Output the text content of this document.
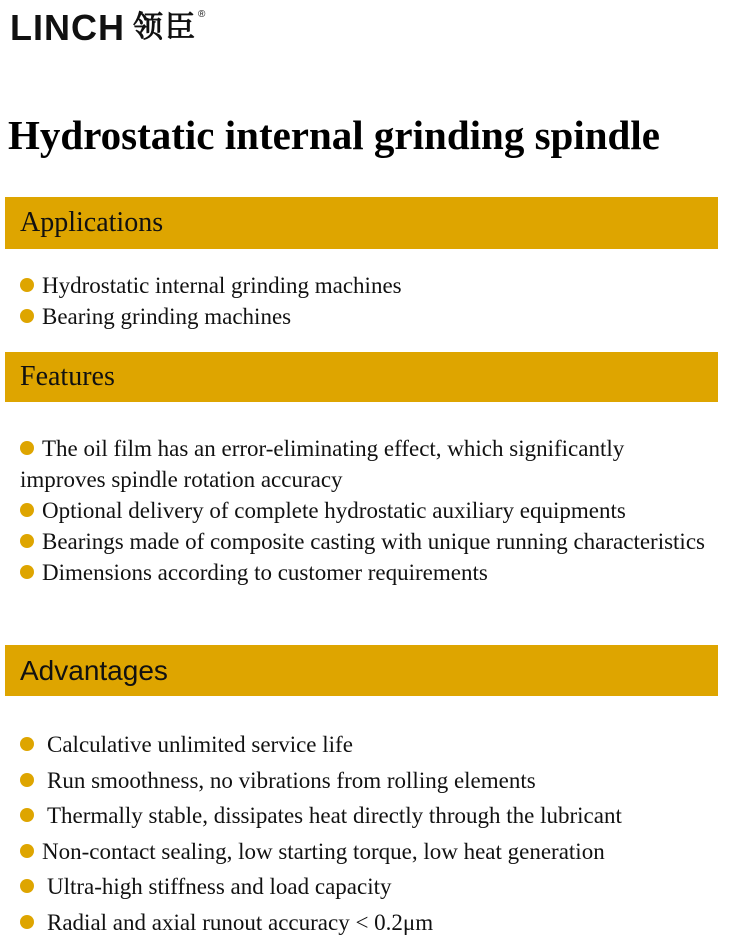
LINCH 领臣 ®
Hydrostatic internal grinding spindle
Applications
Hydrostatic internal grinding machines
Bearing grinding machines
Features
The oil film has an error-eliminating effect, which significantly improves spindle rotation accuracy
Optional delivery of complete hydrostatic auxiliary equipments
Bearings made of composite casting with unique running characteristics
Dimensions according to customer requirements
Advantages
Calculative unlimited service life
Run smoothness, no vibrations from rolling elements
Thermally stable, dissipates heat directly through the lubricant
Non-contact sealing, low starting torque, low heat generation
Ultra-high stiffness and load capacity
Radial and axial runout accuracy < 0.2μm
